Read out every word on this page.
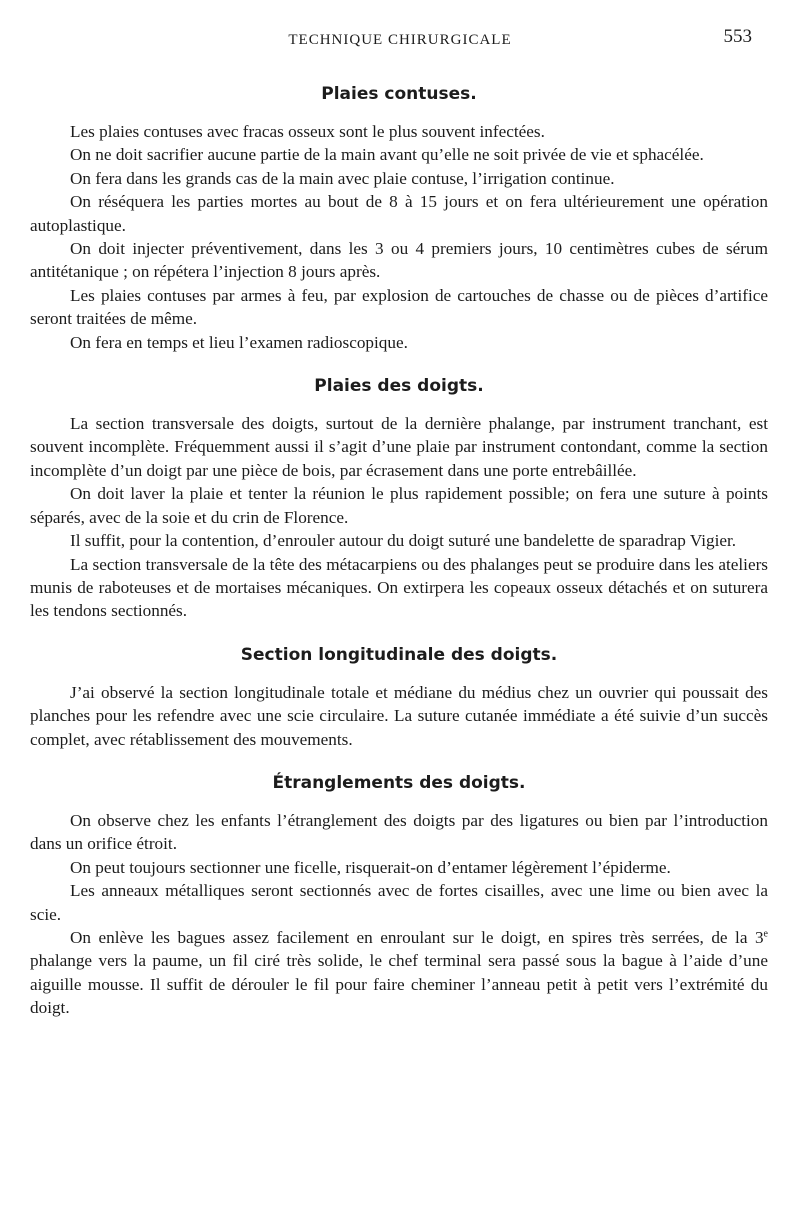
TECHNIQUE CHIRURGICALE	553
Plaies contuses.

Les plaies contuses avec fracas osseux sont le plus souvent infectées.

On ne doit sacrifier aucune partie de la main avant qu’elle ne soit privée de vie et sphacélée.

On fera dans les grands cas de la main avec plaie contuse, l’irrigation continue.

On réséquera les parties mortes au bout de 8 à 15 jours et on fera ultérieurement une opération autoplastique.

On doit injecter préventivement, dans les 3 ou 4 premiers jours, 10 centimètres cubes de sérum antitétanique ; on répétera l’injection 8 jours après.

Les plaies contuses par armes à feu, par explosion de cartouches de chasse ou de pièces d’artifice seront traitées de même.

On fera en temps et lieu l’examen radioscopique.

Plaies des doigts.

La section transversale des doigts, surtout de la dernière phalange, par instrument tranchant, est souvent incomplète. Fréquemment aussi il s’agit d’une plaie par instrument contondant, comme la section incomplète d’un doigt par une pièce de bois, par écrasement dans une porte entrebâillée.

On doit laver la plaie et tenter la réunion le plus rapidement possible; on fera une suture à points séparés, avec de la soie et du crin de Florence.

Il suffit, pour la contention, d’enrouler autour du doigt suturé une bandelette de sparadrap Vigier.

La section transversale de la tête des métacarpiens ou des phalanges peut se produire dans les ateliers munis de raboteuses et de mortaises mécaniques. On extirpera les copeaux osseux détachés et on suturera les tendons sectionnés.

Section longitudinale des doigts.

J’ai observé la section longitudinale totale et médiane du médius chez un ouvrier qui poussait des planches pour les refendre avec une scie circulaire. La suture cutanée immédiate a été suivie d’un succès complet, avec rétablissement des mouvements.

Étranglements des doigts.

On observe chez les enfants l’étranglement des doigts par des ligatures ou bien par l’introduction dans un orifice étroit.

On peut toujours sectionner une ficelle, risquerait-on d’entamer légèrement l’épiderme.

Les anneaux métalliques seront sectionnés avec de fortes cisailles, avec une lime ou bien avec la scie.

On enlève les bagues assez facilement en enroulant sur le doigt, en spires très serrées, de la 3e phalange vers la paume, un fil ciré très solide, le chef terminal sera passé sous la bague à l’aide d’une aiguille mousse. Il suffit de dérouler le fil pour faire cheminer l’anneau petit à petit vers l’extrémité du doigt.
